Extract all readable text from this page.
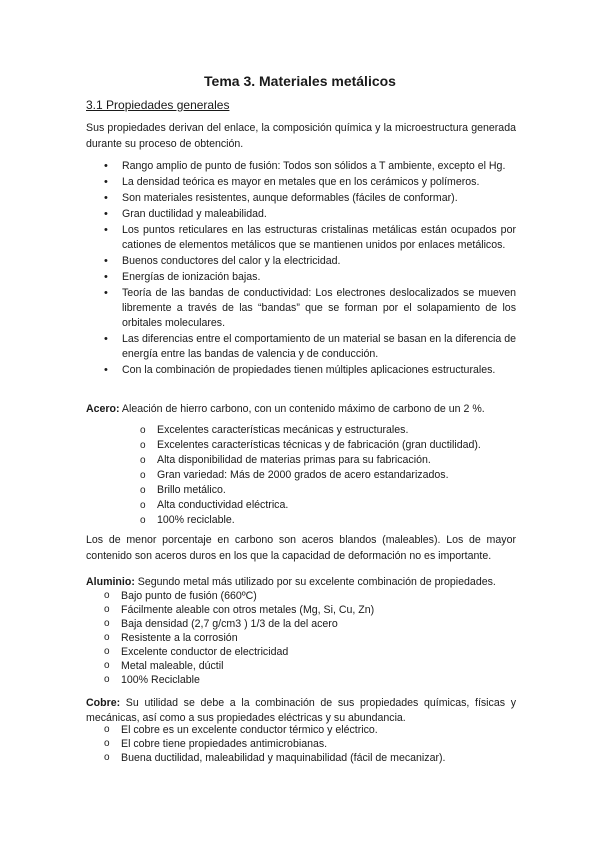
Tema 3. Materiales metálicos
3.1 Propiedades generales

Sus propiedades derivan del enlace, la composición química y la microestructura generada durante su proceso de obtención.

• Rango amplio de punto de fusión: Todos son sólidos a T ambiente, excepto el Hg.
• La densidad teórica es mayor en metales que en los cerámicos y polímeros.
• Son materiales resistentes, aunque deformables (fáciles de conformar).
• Gran ductilidad y maleabilidad.
• Los puntos reticulares en las estructuras cristalinas metálicas están ocupados por cationes de elementos metálicos que se mantienen unidos por enlaces metálicos.
• Buenos conductores del calor y la electricidad.
• Energías de ionización bajas.
• Teoría de las bandas de conductividad: Los electrones deslocalizados se mueven libremente a través de las “bandas” que se forman por el solapamiento de los orbitales moleculares.
• Las diferencias entre el comportamiento de un material se basan en la diferencia de energía entre las bandas de valencia y de conducción.
• Con la combinación de propiedades tienen múltiples aplicaciones estructurales.

Acero: Aleación de hierro carbono, con un contenido máximo de carbono de un 2 %.

o Excelentes características mecánicas y estructurales.
o Excelentes características técnicas y de fabricación (gran ductilidad).
o Alta disponibilidad de materias primas para su fabricación.
o Gran variedad: Más de 2000 grados de acero estandarizados.
o Brillo metálico.
o Alta conductividad eléctrica.
o 100% reciclable.

Los de menor porcentaje en carbono son aceros blandos (maleables). Los de mayor contenido son aceros duros en los que la capacidad de deformación no es importante.

Aluminio: Segundo metal más utilizado por su excelente combinación de propiedades.

o Bajo punto de fusión (660ºC)
o Fácilmente aleable con otros metales (Mg, Si, Cu, Zn)
o Baja densidad (2,7 g/cm3 ) 1/3 de la del acero
o Resistente a la corrosión
o Excelente conductor de electricidad
o Metal maleable, dúctil
o 100% Reciclable

Cobre: Su utilidad se debe a la combinación de sus propiedades químicas, físicas y mecánicas, así como a sus propiedades eléctricas y su abundancia.

o El cobre es un excelente conductor térmico y eléctrico.
o El cobre tiene propiedades antimicrobianas.
o Buena ductilidad, maleabilidad y maquinabilidad (fácil de mecanizar).
